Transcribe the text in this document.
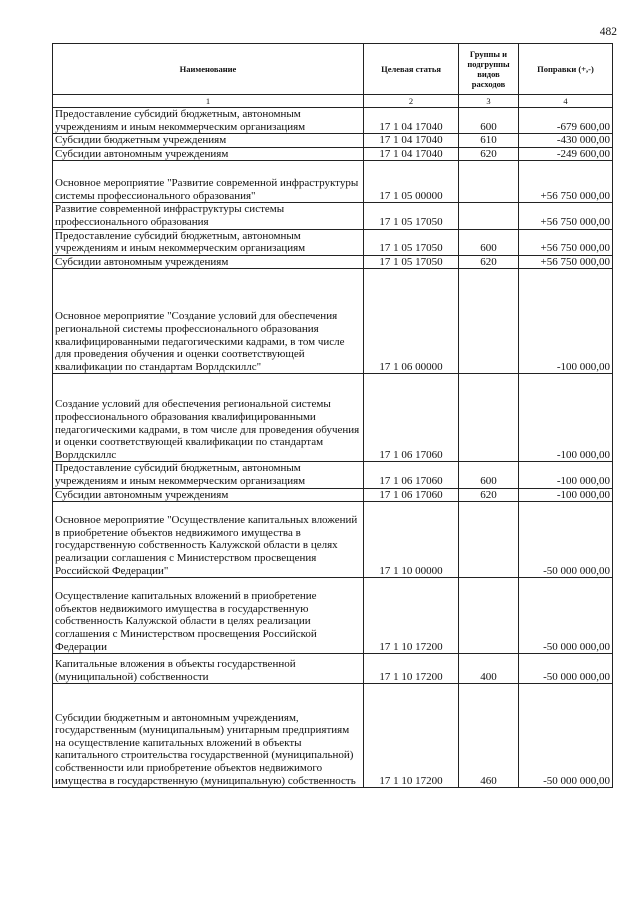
482
Наименование	Целевая статья	Группы и подгруппы видов расходов	Поправки (+,-)
1	2	3	4
Предоставление субсидий бюджетным, автономным учреждениям и иным некоммерческим организациям	17 1 04 17040	600	-679 600,00
Субсидии бюджетным учреждениям	17 1 04 17040	610	-430 000,00
Субсидии автономным учреждениям	17 1 04 17040	620	-249 600,00
Основное мероприятие "Развитие современной инфраструктуры системы профессионального образования"	17 1 05 00000		+56 750 000,00
Развитие современной инфраструктуры системы профессионального образования	17 1 05 17050		+56 750 000,00
Предоставление субсидий бюджетным, автономным учреждениям и иным некоммерческим организациям	17 1 05 17050	600	+56 750 000,00
Субсидии автономным учреждениям	17 1 05 17050	620	+56 750 000,00
Основное мероприятие "Создание условий для обеспечения региональной системы профессионального образования квалифицированными педагогическими кадрами, в том числе для проведения обучения и оценки соответствующей квалификации по стандартам Ворлдскиллс"	17 1 06 00000		-100 000,00
Создание условий для обеспечения региональной системы профессионального образования квалифицированными педагогическими кадрами, в том числе для проведения обучения и оценки соответствующей квалификации по стандартам Ворлдскиллс	17 1 06 17060		-100 000,00
Предоставление субсидий бюджетным, автономным учреждениям и иным некоммерческим организациям	17 1 06 17060	600	-100 000,00
Субсидии автономным учреждениям	17 1 06 17060	620	-100 000,00
Основное мероприятие "Осуществление капитальных вложений в приобретение объектов недвижимого имущества в государственную собственность Калужской области в целях реализации соглашения с Министерством просвещения Российской Федерации"	17 1 10 00000		-50 000 000,00
Осуществление капитальных вложений в приобретение объектов недвижимого имущества в государственную собственность Калужской области в целях реализации соглашения с Министерством просвещения Российской Федерации	17 1 10 17200		-50 000 000,00
Капитальные вложения в объекты государственной (муниципальной) собственности	17 1 10 17200	400	-50 000 000,00
Субсидии бюджетным и автономным учреждениям, государственным (муниципальным) унитарным предприятиям на осуществление капитальных вложений в объекты капитального строительства государственной (муниципальной) собственности или приобретение объектов недвижимого имущества в государственную (муниципальную) собственность	17 1 10 17200	460	-50 000 000,00
